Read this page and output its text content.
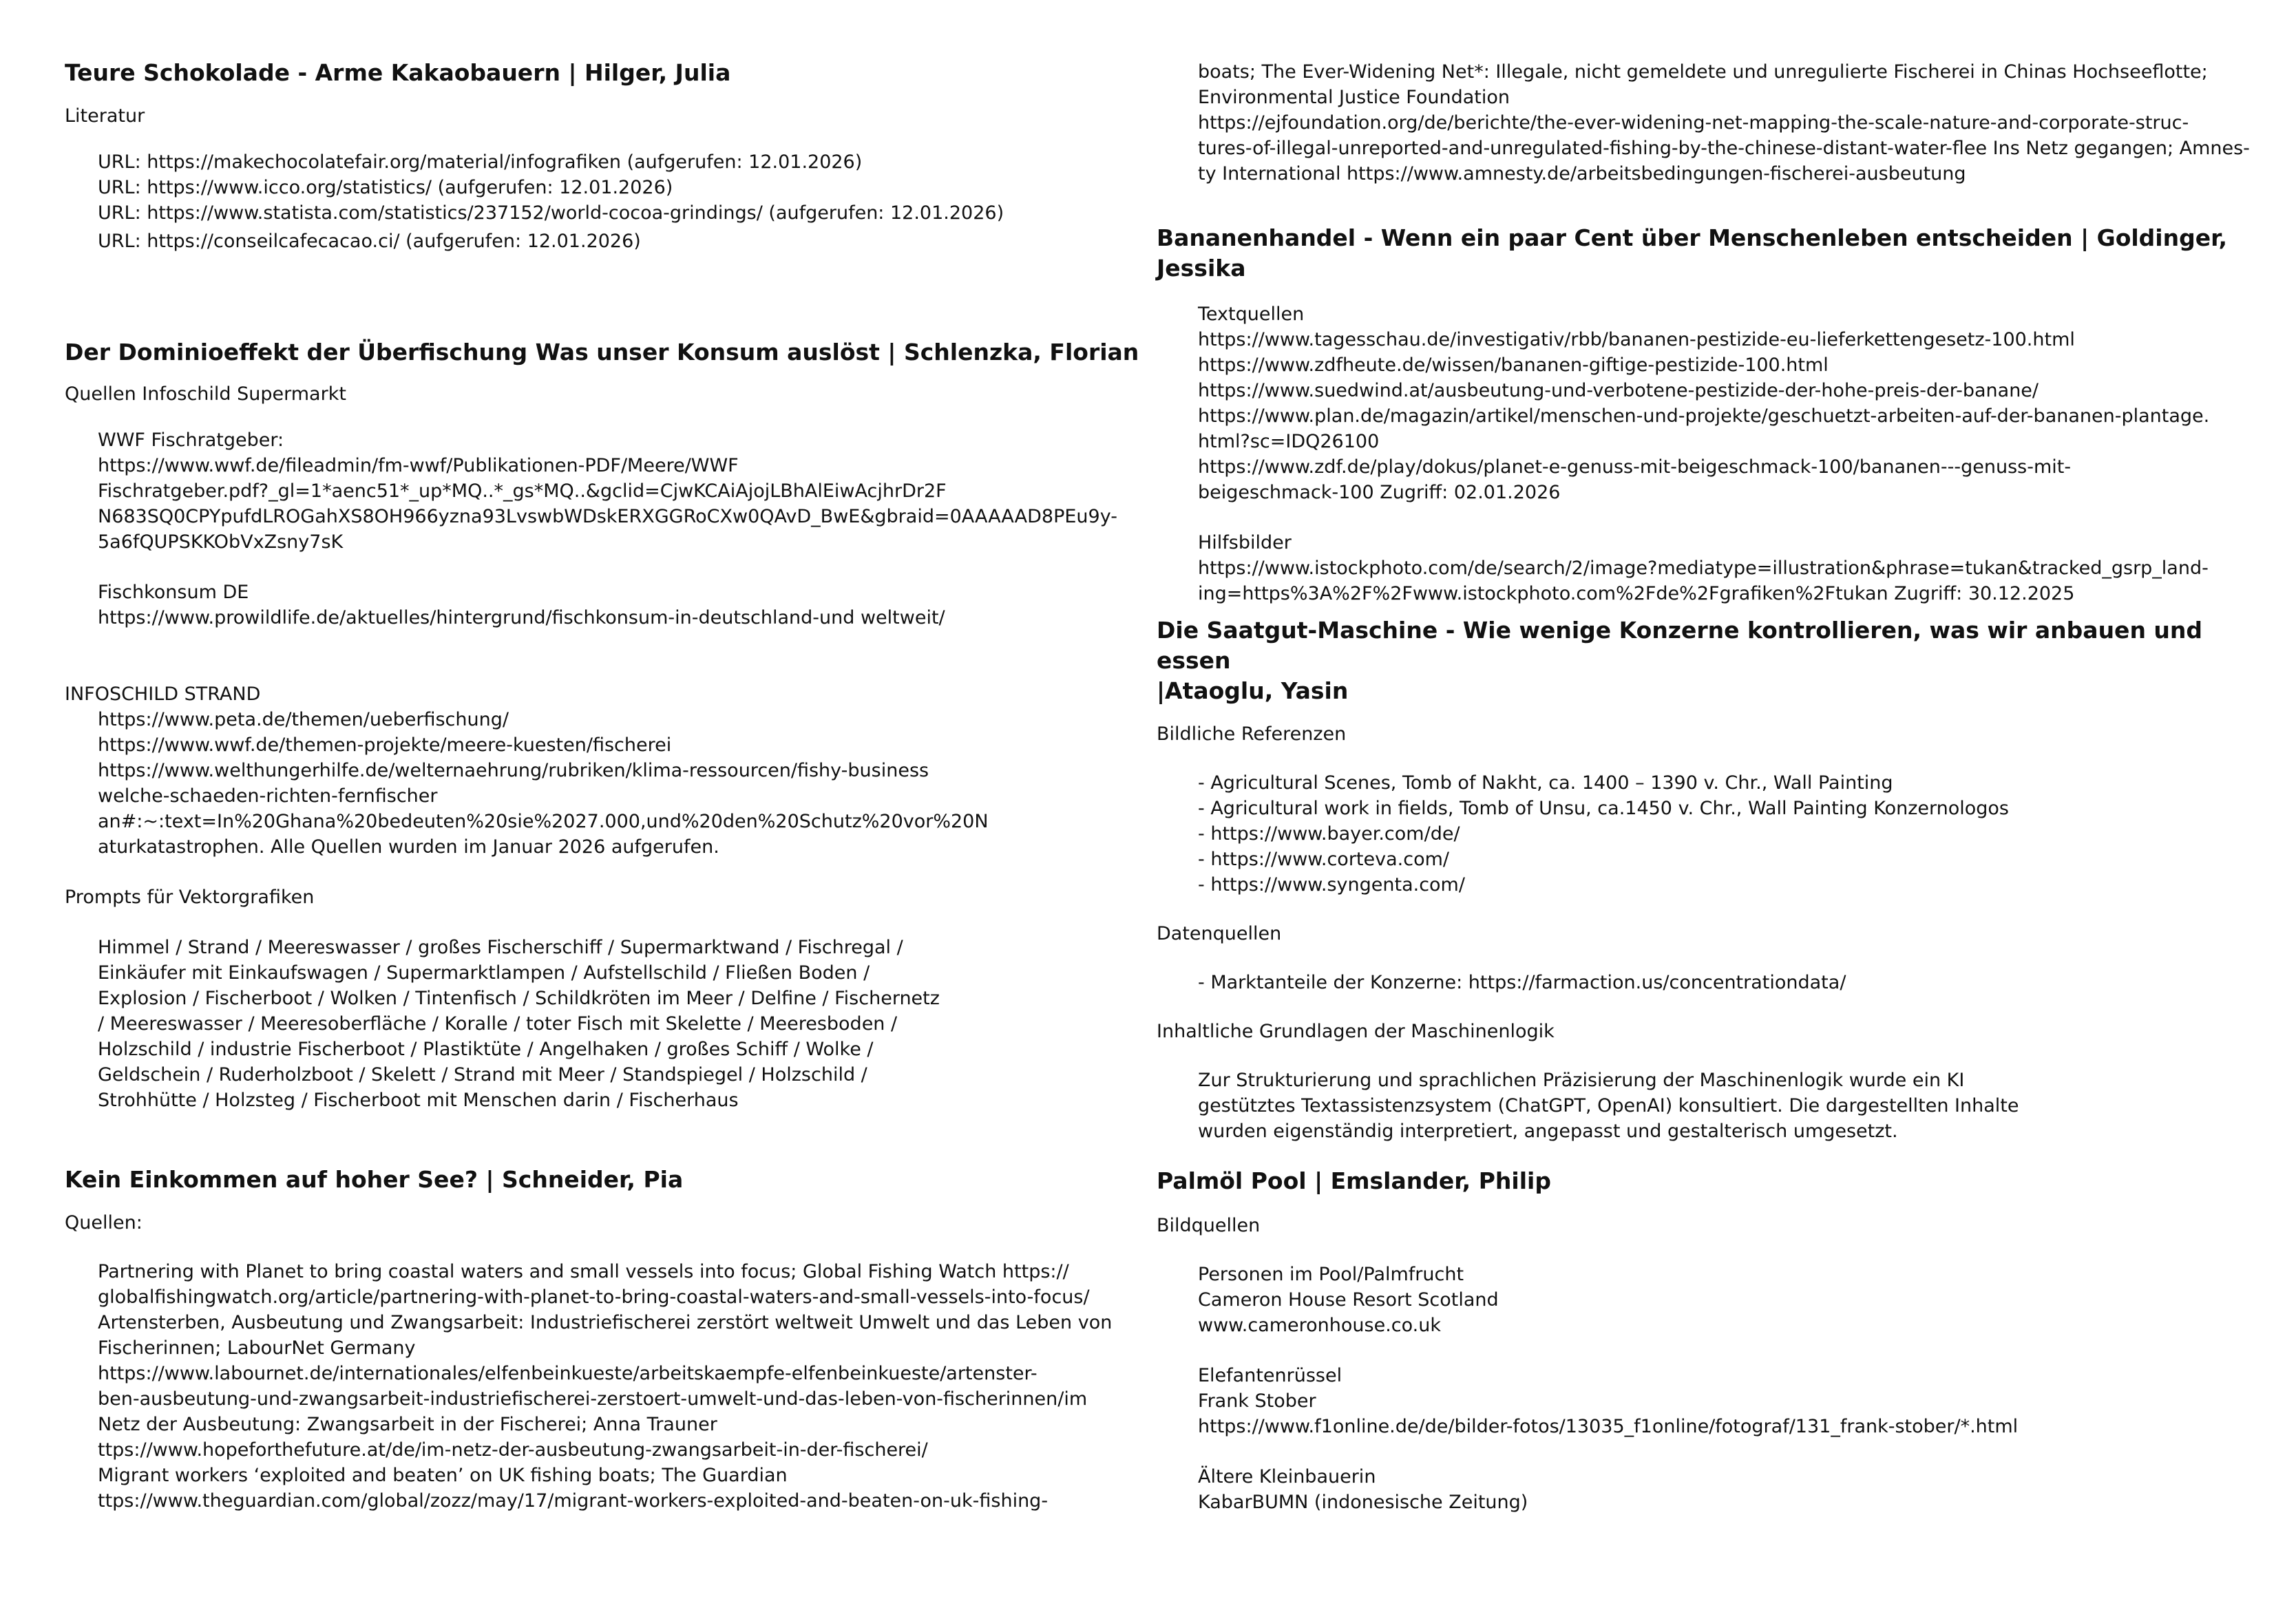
Teure Schokolade - Arme Kakaobauern | Hilger, Julia
Literatur
URL: https://makechocolatefair.org/material/infografiken (aufgerufen: 12.01.2026)
URL: https://www.icco.org/statistics/ (aufgerufen: 12.01.2026)
URL: https://www.statista.com/statistics/237152/world-cocoa-grindings/ (aufgerufen: 12.01.2026)
URL: https://conseilcafecacao.ci/ (aufgerufen: 12.01.2026)
Der Dominioeffekt der Überfischung Was unser Konsum auslöst | Schlenzka, Florian
Quellen Infoschild Supermarkt
WWF Fischratgeber:
https://www.wwf.de/fileadmin/fm-wwf/Publikationen-PDF/Meere/WWF
Fischratgeber.pdf?_gl=1*aenc51*_up*MQ..*_gs*MQ..&gclid=CjwKCAiAjojLBhAlEiwAcjhrDr2F
N683SQ0CPYpufdLROGahXS8OH966yzna93LvswbWDskERXGGRoCXw0QAvD_BwE&gbraid=0AAAAAD8PEu9y-
5a6fQUPSKKObVxZsny7sK
Fischkonsum DE
https://www.prowildlife.de/aktuelles/hintergrund/fischkonsum-in-deutschland-und weltweit/
INFOSCHILD STRAND
https://www.peta.de/themen/ueberfischung/
https://www.wwf.de/themen-projekte/meere-kuesten/fischerei
https://www.welthungerhilfe.de/welternaehrung/rubriken/klima-ressourcen/fishy-business
welche-schaeden-richten-fernfischer
an#:~:text=In%20Ghana%20bedeuten%20sie%2027.000,und%20den%20Schutz%20vor%20N
aturkatastrophen. Alle Quellen wurden im Januar 2026 aufgerufen.
Prompts für Vektorgrafiken
Himmel / Strand / Meereswasser / großes Fischerschiff / Supermarktwand / Fischregal /
Einkäufer mit Einkaufswagen / Supermarktlampen / Aufstellschild / Fließen Boden /
Explosion / Fischerboot / Wolken / Tintenfisch / Schildkröten im Meer / Delfine / Fischernetz
/ Meereswasser / Meeresoberfläche / Koralle / toter Fisch mit Skelette / Meeresboden /
Holzschild / industrie Fischerboot / Plastiktüte / Angelhaken / großes Schiff / Wolke /
Geldschein / Ruderholzboot / Skelett / Strand mit Meer / Standspiegel / Holzschild /
Strohhütte / Holzsteg / Fischerboot mit Menschen darin / Fischerhaus
Kein Einkommen auf hoher See? | Schneider, Pia
Quellen:
Partnering with Planet to bring coastal waters and small vessels into focus; Global Fishing Watch https://
globalfishingwatch.org/article/partnering-with-planet-to-bring-coastal-waters-and-small-vessels-into-focus/
Artensterben, Ausbeutung und Zwangsarbeit: Industriefischerei zerstört weltweit Umwelt und das Leben von
Fischerinnen; LabourNet Germany
https://www.labournet.de/internationales/elfenbeinkueste/arbeitskaempfe-elfenbeinkueste/artenster-
ben-ausbeutung-und-zwangsarbeit-industriefischerei-zerstoert-umwelt-und-das-leben-von-fischerinnen/im
Netz der Ausbeutung: Zwangsarbeit in der Fischerei; Anna Trauner
ttps://www.hopeforthefuture.at/de/im-netz-der-ausbeutung-zwangsarbeit-in-der-fischerei/
Migrant workers ‘exploited and beaten’ on UK fishing boats; The Guardian
ttps://www.theguardian.com/global/zozz/may/17/migrant-workers-exploited-and-beaten-on-uk-fishing-
boats; The Ever-Widening Net*: Illegale, nicht gemeldete und unregulierte Fischerei in Chinas Hochseeflotte;
Environmental Justice Foundation
https://ejfoundation.org/de/berichte/the-ever-widening-net-mapping-the-scale-nature-and-corporate-struc-
tures-of-illegal-unreported-and-unregulated-fishing-by-the-chinese-distant-water-flee Ins Netz gegangen; Amnes-
ty International https://www.amnesty.de/arbeitsbedingungen-fischerei-ausbeutung
Bananenhandel - Wenn ein paar Cent über Menschenleben entscheiden | Goldinger, Jessika
Textquellen
https://www.tagesschau.de/investigativ/rbb/bananen-pestizide-eu-lieferkettengesetz-100.html
https://www.zdfheute.de/wissen/bananen-giftige-pestizide-100.html
https://www.suedwind.at/ausbeutung-und-verbotene-pestizide-der-hohe-preis-der-banane/
https://www.plan.de/magazin/artikel/menschen-und-projekte/geschuetzt-arbeiten-auf-der-bananen-plantage.
html?sc=IDQ26100
https://www.zdf.de/play/dokus/planet-e-genuss-mit-beigeschmack-100/bananen---genuss-mit-
beigeschmack-100 Zugriff: 02.01.2026
Hilfsbilder
https://www.istockphoto.com/de/search/2/image?mediatype=illustration&phrase=tukan&tracked_gsrp_land-
ing=https%3A%2F%2Fwww.istockphoto.com%2Fde%2Fgrafiken%2Ftukan Zugriff: 30.12.2025
Die Saatgut-Maschine - Wie wenige Konzerne kontrollieren, was wir anbauen und essen
|Ataoglu, Yasin
Bildliche Referenzen
- Agricultural Scenes, Tomb of Nakht, ca. 1400 – 1390 v. Chr., Wall Painting
- Agricultural work in fields, Tomb of Unsu, ca.1450 v. Chr., Wall Painting Konzernologos
- https://www.bayer.com/de/
- https://www.corteva.com/
- https://www.syngenta.com/
Datenquellen
- Marktanteile der Konzerne: https://farmaction.us/concentrationdata/
Inhaltliche Grundlagen der Maschinenlogik
Zur Strukturierung und sprachlichen Präzisierung der Maschinenlogik wurde ein KI
gestütztes Textassistenzsystem (ChatGPT, OpenAI) konsultiert. Die dargestellten Inhalte
wurden eigenständig interpretiert, angepasst und gestalterisch umgesetzt.
Palmöl Pool | Emslander, Philip
Bildquellen
Personen im Pool/Palmfrucht
Cameron House Resort Scotland
www.cameronhouse.co.uk
Elefantenrüssel
Frank Stober
https://www.f1online.de/de/bilder-fotos/13035_f1online/fotograf/131_frank-stober/*.html
Ältere Kleinbauerin
KabarBUMN (indonesische Zeitung)
